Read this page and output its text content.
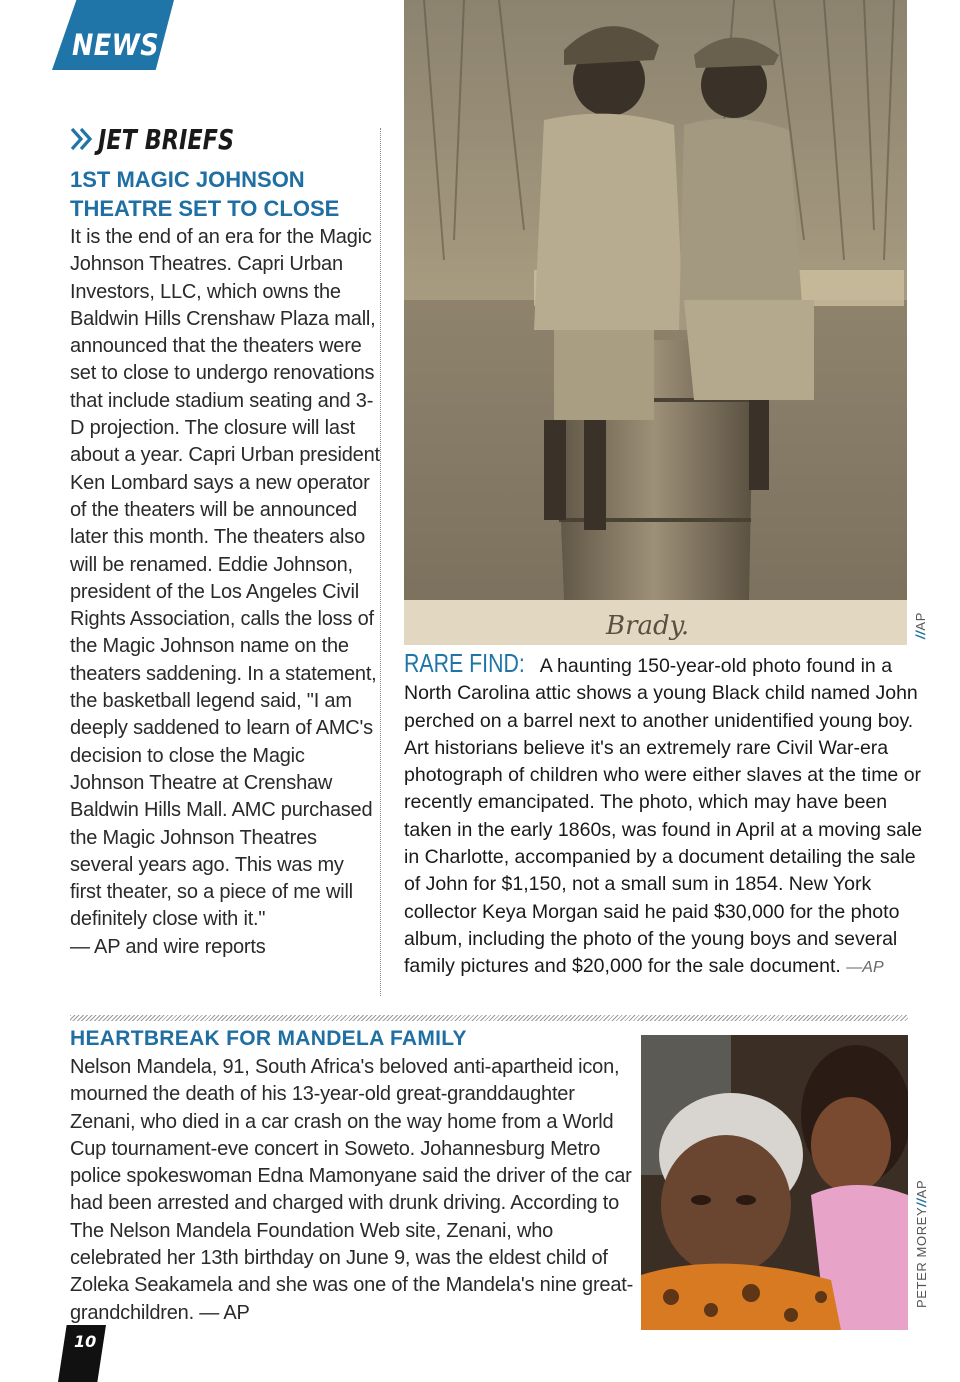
NEWS
JET BRIEFS
1ST MAGIC JOHNSON THEATRE SET TO CLOSE

It is the end of an era for the Magic Johnson Theatres. Capri Urban Investors, LLC, which owns the Baldwin Hills Crenshaw Plaza mall, announced that the theaters were set to close to undergo renovations that include stadium seating and 3-D projection. The closure will last about a year. Capri Urban president Ken Lombard says a new operator of the theaters will be announced later this month. The theaters also will be renamed. Eddie Johnson, president of the Los Angeles Civil Rights Association, calls the loss of the Magic Johnson name on the theaters saddening. In a statement, the basketball legend said, "I am deeply saddened to learn of AMC's decision to close the Magic Johnson Theatre at Crenshaw Baldwin Hills Mall. AMC purchased the Magic Johnson Theatres several years ago. This was my first theater, so a piece of me will definitely close with it."

— AP and wire reports

Brady.	//AP

RARE FIND: A haunting 150-year-old photo found in a North Carolina attic shows a young Black child named John perched on a barrel next to another unidentified young boy. Art historians believe it's an extremely rare Civil War-era photograph of children who were either slaves at the time or recently emancipated. The photo, which may have been taken in the early 1860s, was found in April at a moving sale in Charlotte, accompanied by a document detailing the sale of John for $1,150, not a small sum in 1854. New York collector Keya Morgan said he paid $30,000 for the photo album, including the photo of the young boys and several family pictures and $20,000 for the sale document. —AP

HEARTBREAK FOR MANDELA FAMILY

Nelson Mandela, 91, South Africa's beloved anti-apartheid icon, mourned the death of his 13-year-old great-granddaughter Zenani, who died in a car crash on the way home from a World Cup tournament-eve concert in Soweto. Johannesburg Metro police spokeswoman Edna Mamonyane said the driver of the car had been arrested and charged with drunk driving. According to The Nelson Mandela Foundation Web site, Zenani, who celebrated her 13th birthday on June 9, was the eldest child of Zoleka Seakamela and she was one of the Mandela's nine great-grandchildren. — AP

PETER MOREY//AP
10
